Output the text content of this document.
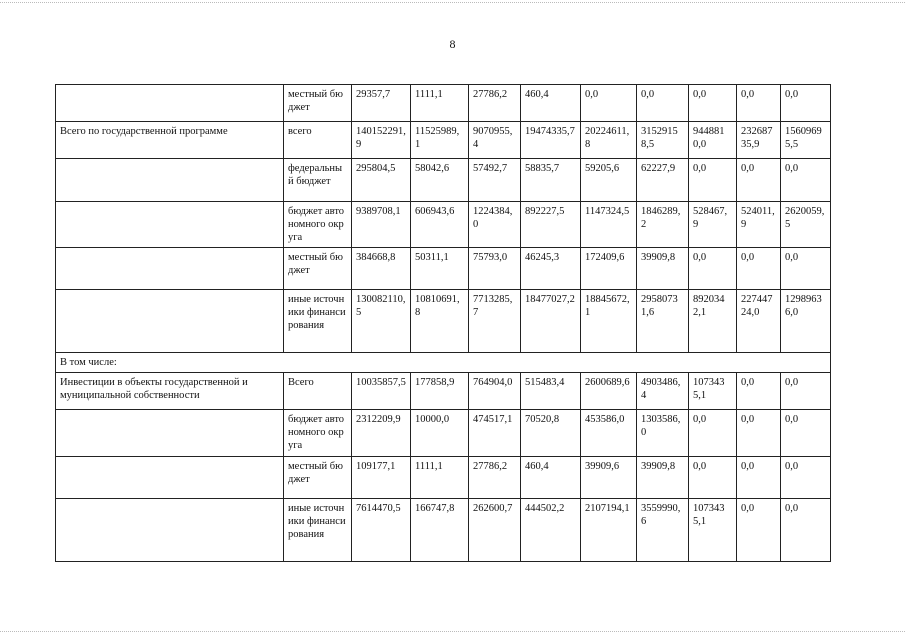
8
	местный бюджет	29357,7	1111,1	27786,2	460,4	0,0	0,0	0,0	0,0	0,0
Всего по государственной программе	всего	140152291,9	11525989,1	9070955,4	19474335,7	20224611,8	31529158,5	9448810,0	23268735,9	15609695,5
	федеральный бюджет	295804,5	58042,6	57492,7	58835,7	59205,6	62227,9	0,0	0,0	0,0
	бюджет автономного округа	9389708,1	606943,6	1224384,0	892227,5	1147324,5	1846289,2	528467,9	524011,9	2620059,5
	местный бюджет	384668,8	50311,1	75793,0	46245,3	172409,6	39909,8	0,0	0,0	0,0
	иные источники финансирования	130082110,5	10810691,8	7713285,7	18477027,2	18845672,1	29580731,6	8920342,1	22744724,0	12989636,0
В том числе:										
Инвестиции в объекты государственной и муниципальной собственности	Всего	10035857,5	177858,9	764904,0	515483,4	2600689,6	4903486,4	1073435,1	0,0	0,0
	бюджет автономного округа	2312209,9	10000,0	474517,1	70520,8	453586,0	1303586,0	0,0	0,0	0,0
	местный бюджет	109177,1	1111,1	27786,2	460,4	39909,6	39909,8	0,0	0,0	0,0
	иные источники финансирования	7614470,5	166747,8	262600,7	444502,2	2107194,1	3559990,6	1073435,1	0,0	0,0
